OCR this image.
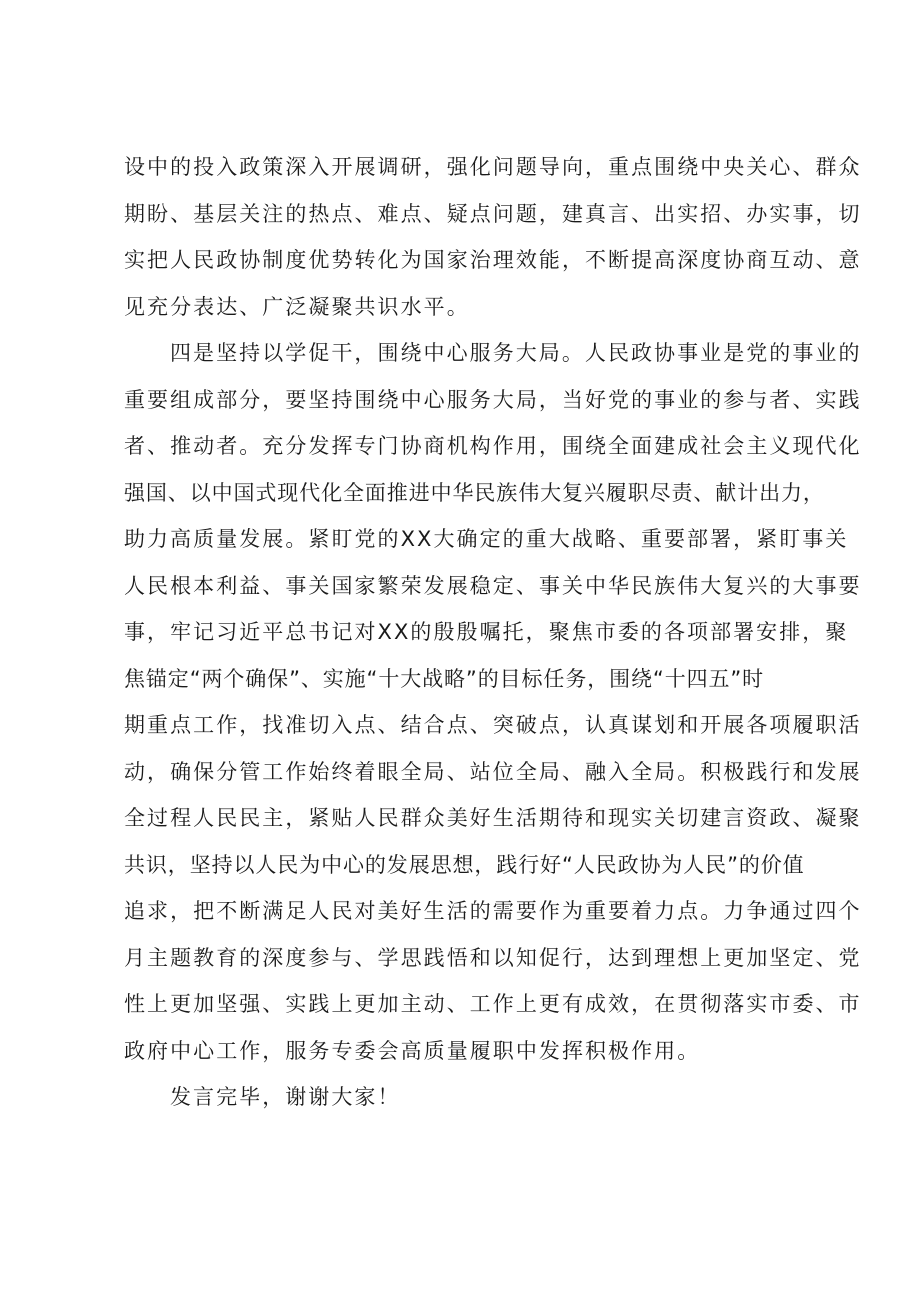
设中的投入政策深入开展调研，强化问题导向，重点围绕中央关心、群众
期盼、基层关注的热点、难点、疑点问题，建真言、出实招、办实事，切
实把人民政协制度优势转化为国家治理效能，不断提高深度协商互动、意
见充分表达、广泛凝聚共识水平。
四是坚持以学促干，围绕中心服务大局。人民政协事业是党的事业的
重要组成部分，要坚持围绕中心服务大局，当好党的事业的参与者、实践
者、推动者。充分发挥专门协商机构作用，围绕全面建成社会主义现代化
强国、以中国式现代化全面推进中华民族伟大复兴履职尽责、献计出力，
助力高质量发展。紧盯党的XX大确定的重大战略、重要部署，紧盯事关
人民根本利益、事关国家繁荣发展稳定、事关中华民族伟大复兴的大事要
事，牢记习近平总书记对XX的殷殷嘱托，聚焦市委的各项部署安排，聚
焦锚定“两个确保”、实施“十大战略”的目标任务，围绕“十四五”时
期重点工作，找准切入点、结合点、突破点，认真谋划和开展各项履职活
动，确保分管工作始终着眼全局、站位全局、融入全局。积极践行和发展
全过程人民民主，紧贴人民群众美好生活期待和现实关切建言资政、凝聚
共识，坚持以人民为中心的发展思想，践行好“人民政协为人民”的价值
追求，把不断满足人民对美好生活的需要作为重要着力点。力争通过四个
月主题教育的深度参与、学思践悟和以知促行，达到理想上更加坚定、党
性上更加坚强、实践上更加主动、工作上更有成效，在贯彻落实市委、市
政府中心工作，服务专委会高质量履职中发挥积极作用。
发言完毕，谢谢大家！
